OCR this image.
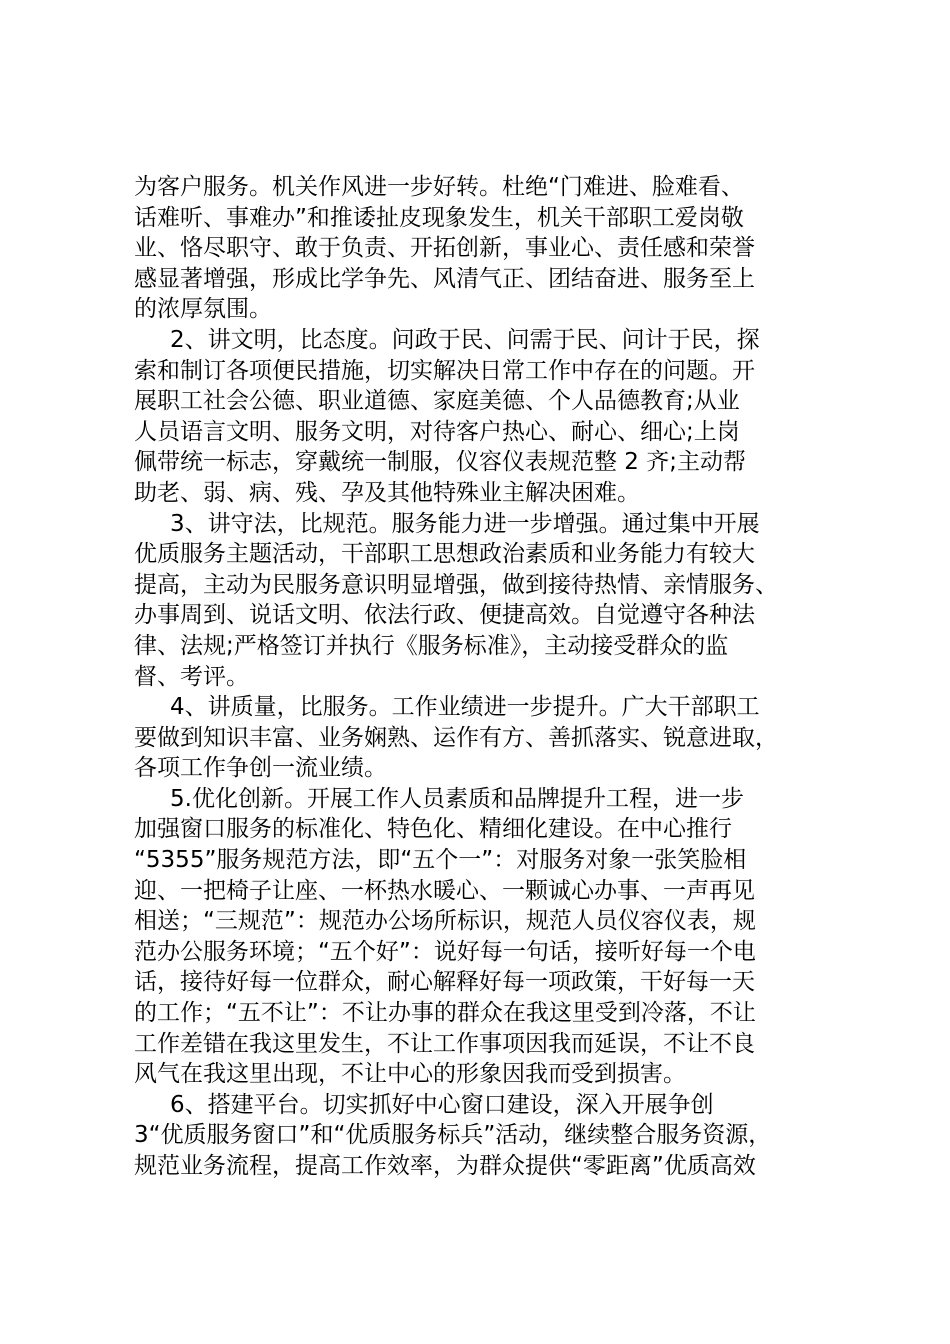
为客户服务。机关作风进一步好转。杜绝“门难进、脸难看、
话难听、事难办”和推诿扯皮现象发生，机关干部职工爱岗敬
业、恪尽职守、敢于负责、开拓创新，事业心、责任感和荣誉
感显著增强，形成比学争先、风清气正、团结奋进、服务至上
的浓厚氛围。
2、讲文明，比态度。问政于民、问需于民、问计于民，探
索和制订各项便民措施，切实解决日常工作中存在的问题。开
展职工社会公德、职业道德、家庭美德、个人品德教育;从业
人员语言文明、服务文明，对待客户热心、耐心、细心;上岗
佩带统一标志，穿戴统一制服，仪容仪表规范整 2 齐;主动帮
助老、弱、病、残、孕及其他特殊业主解决困难。
3、讲守法，比规范。服务能力进一步增强。通过集中开展
优质服务主题活动，干部职工思想政治素质和业务能力有较大
提高，主动为民服务意识明显增强，做到接待热情、亲情服务、
办事周到、说话文明、依法行政、便捷高效。自觉遵守各种法
律、法规;严格签订并执行《服务标准》，主动接受群众的监
督、考评。
4、讲质量，比服务。工作业绩进一步提升。广大干部职工
要做到知识丰富、业务娴熟、运作有方、善抓落实、锐意进取，
各项工作争创一流业绩。
5.优化创新。开展工作人员素质和品牌提升工程，进一步
加强窗口服务的标准化、特色化、精细化建设。在中心推行
“5355”服务规范方法，即“五个一”：对服务对象一张笑脸相
迎、一把椅子让座、一杯热水暖心、一颗诚心办事、一声再见
相送；“三规范”：规范办公场所标识，规范人员仪容仪表，规
范办公服务环境；“五个好”：说好每一句话，接听好每一个电
话，接待好每一位群众，耐心解释好每一项政策，干好每一天
的工作；“五不让”：不让办事的群众在我这里受到冷落，不让
工作差错在我这里发生，不让工作事项因我而延误，不让不良
风气在我这里出现，不让中心的形象因我而受到损害。
6、搭建平台。切实抓好中心窗口建设，深入开展争创
3“优质服务窗口”和“优质服务标兵”活动，继续整合服务资源，
规范业务流程，提高工作效率，为群众提供“零距离”优质高效
